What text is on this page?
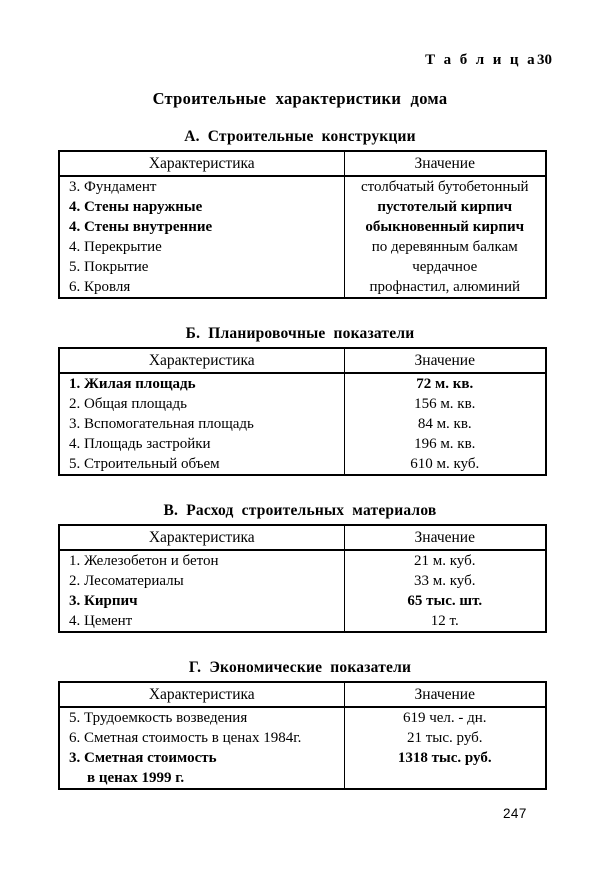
Т а б л и ц а30
Строительные характеристики дома
А. Строительные конструкции
Характеристика	Значение
3. Фундамент	столбчатый бутобетонный
4. Стены наружные	пустотелый кирпич
4. Стены внутренние	обыкновенный кирпич
4. Перекрытие	по деревянным балкам
5. Покрытие	чердачное
6. Кровля	профнастил, алюминий
Б. Планировочные показатели
Характеристика	Значение
1. Жилая площадь	72 м. кв.
2. Общая площадь	156 м. кв.
3. Вспомогательная площадь	84 м. кв.
4. Площадь застройки	196 м. кв.
5. Строительный объем	610 м. куб.
В. Расход строительных материалов
Характеристика	Значение
1. Железобетон и бетон	21 м. куб.
2. Лесоматериалы	33 м. куб.
3. Кирпич	65 тыс. шт.
4. Цемент	12 т.
Г. Экономические показатели
Характеристика	Значение
5. Трудоемкость возведения	619 чел. - дн.
6. Сметная стоимость в ценах 1984г.	21 тыс. руб.
3. Сметная стоимость	1318 тыс. руб.

в ценах 1999 г.	

247
